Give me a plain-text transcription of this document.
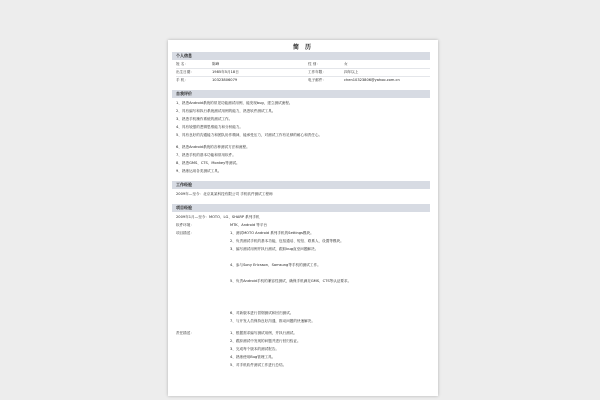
简 历
个人信息
姓 名：	陈峰	性 别：	女
出生日期：	1985年5月18日	工作年限：	四年以上
手 机：	10323806079	电子邮件：	chen10323806@yahoo.com.cn
自我评价
1、熟悉Android系统的常见功能测试用例，能发现bug，建立测试流程。
2、具有编写和执行系统测试用例的能力，熟悉软件测试工具。
3、熟悉手机操作系统的测试工作。
4、具有较强的逻辑思维能力和分析能力。
5、具有良好的沟通能力和团队协作精神，能承受压力，对测试工作有足够的耐心和责任心。
6、熟悉Android系统的各种测试方法和流程。
7、熟悉手机的基本功能和常用软件。
8、熟悉GMS、CTS、Monkey等测试。
9、熟练运用各类测试工具。
工作经验
2009年—至今：北京某某科技有限公司 手机软件测试工程师
项目经验
2009年1月—至今：MOTO、LG、SHARP 系列手机
软件环境：	MTK、Android 等平台
项目描述：	1、测试MOTO Android 系列手机的Settings模块。
2、负责测试手机的基本功能，包括通话、短信、联系人、设置等模块。
3、编写测试用例并执行测试，跟踪bug直至问题解决。
4、参与Sony Ericsson、Samsung等手机的测试工作。
5、负责Android手机的兼容性测试，确保手机满足GMS、CTS等认证要求。
6、对新版本进行冒烟测试和回归测试。
7、与开发人员保持良好沟通，推动问题的快速解决。
责任描述：	1、根据需求编写测试用例，并执行测试。
2、跟踪测试中发现的问题并进行回归验证。
3、完成每个版本的测试报告。
4、熟练使用Bug管理工具。
5、对手机软件测试工作进行总结。
